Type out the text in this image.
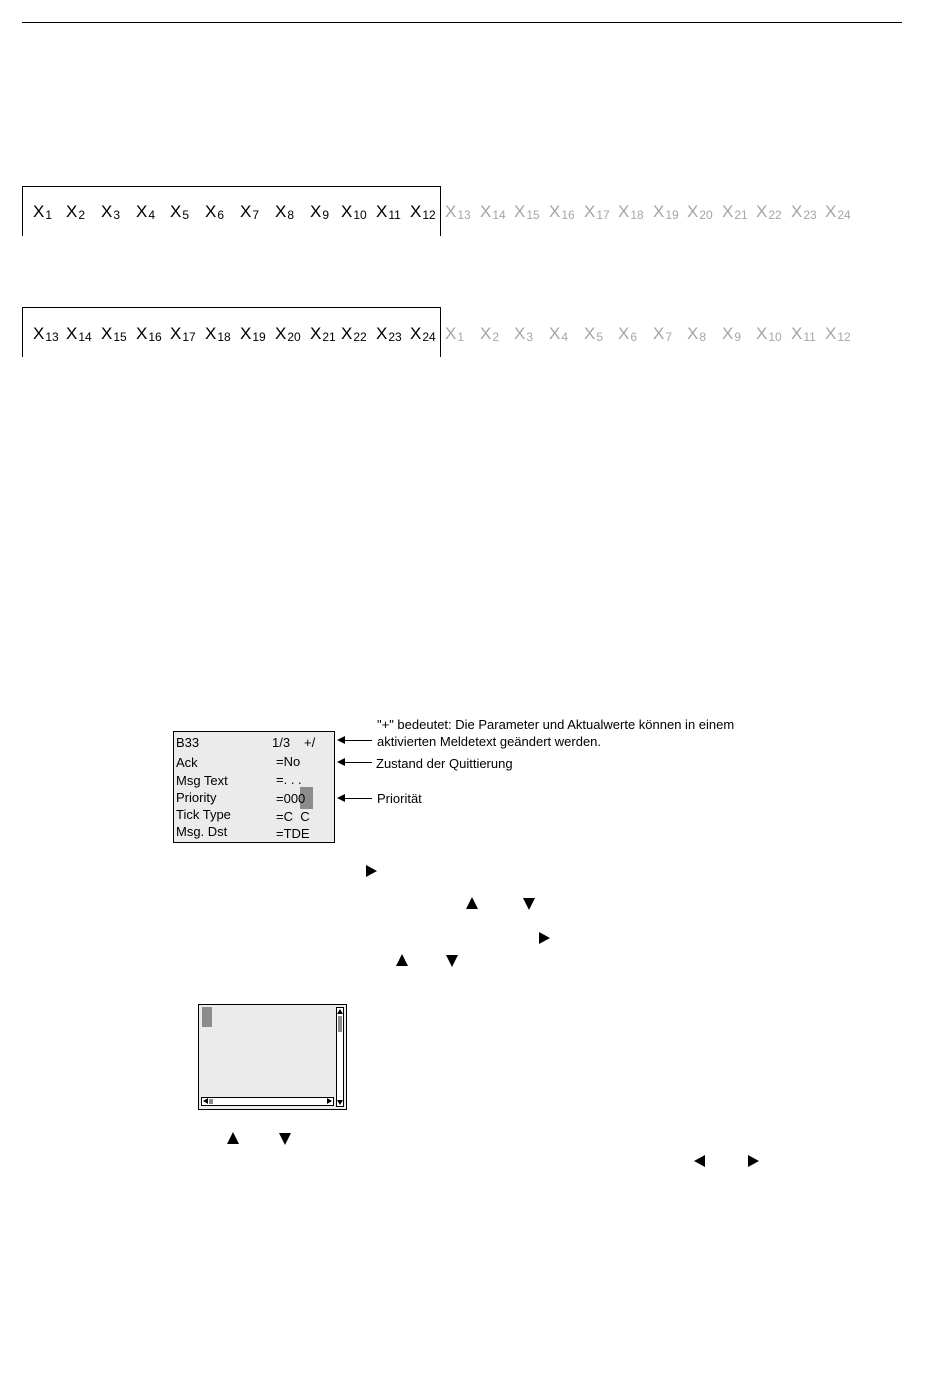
$X_1$ $X_2$ $X_3$ $X_4$ $X_5$ $X_6$ $X_7$ $X_8$ $X_9$ $X_{10}$ $X_{11}$ $X_{12}$ $X_{13}$ $X_{14}$ $X_{15}$ $X_{16}$ $X_{17}$ $X_{18}$ $X_{19}$ $X_{20}$ $X_{21}$ $X_{22}$ $X_{23}$ $X_{24}$
$X_{13}$ $X_{14}$ $X_{15}$ $X_{16}$ $X_{17}$ $X_{18}$ $X_{19}$ $X_{20}$ $X_{21}$ $X_{22}$ $X_{23}$ $X_{24}$ $X_1$ $X_2$ $X_3$ $X_4$ $X_5$ $X_6$ $X_7$ $X_8$ $X_9$ $X_{10}$ $X_{11}$ $X_{12}$
B33	1/3 +/
Ack	=No
Msg Text	=. . .
Priority	=000
Tick Type	=C  C
Msg. Dst	=TDE
"+" bedeutet: Die Parameter und Aktualwerte können in einem
aktivierten Meldetext geändert werden.
Zustand der Quittierung
Priorität
